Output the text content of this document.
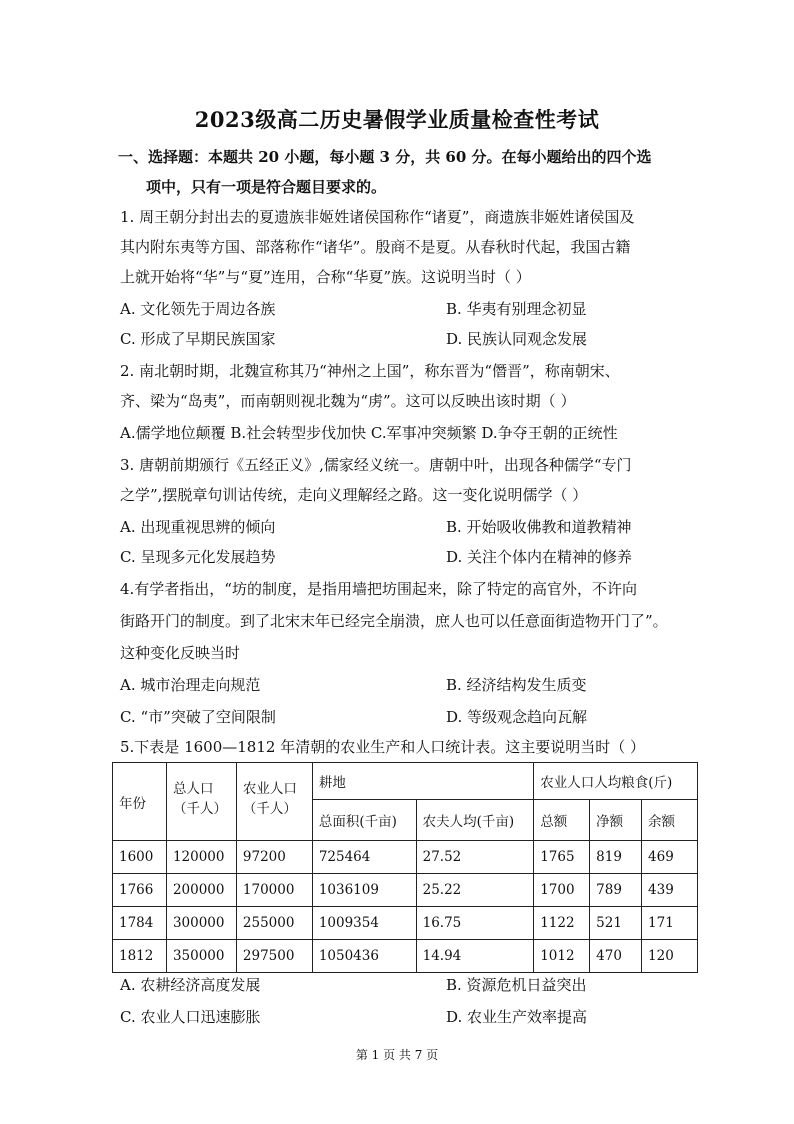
2023级高二历史暑假学业质量检查性考试
一、选择题：本题共 20 小题，每小题 3 分，共 60 分。在每小题给出的四个选
项中，只有一项是符合题目要求的。
1. 周王朝分封出去的夏遗族非姬姓诸侯国称作“诸夏”，商遗族非姬姓诸侯国及
其内附东夷等方国、部落称作“诸华”。殷商不是夏。从春秋时代起，我国古籍
上就开始将“华”与“夏”连用，合称“华夏”族。这说明当时（ ）
A. 文化领先于周边各族	B. 华夷有别理念初显
C. 形成了早期民族国家	D. 民族认同观念发展
2. 南北朝时期，北魏宣称其乃“神州之上国”，称东晋为“僭晋”，称南朝宋、
齐、梁为“岛夷”，而南朝则视北魏为“虏”。这可以反映出该时期（ ）
A.儒学地位颠覆 B.社会转型步伐加快 C.军事冲突频繁 D.争夺王朝的正统性
3. 唐朝前期颁行《五经正义》,儒家经义统一。唐朝中叶，出现各种儒学“专门
之学”,摆脱章句训诂传统，走向义理解经之路。这一变化说明儒学（ ）
A. 出现重视思辨的倾向	B. 开始吸收佛教和道教精神
C. 呈现多元化发展趋势	D. 关注个体内在精神的修养
4.有学者指出，“坊的制度，是指用墙把坊围起来，除了特定的高官外，不许向
街路开门的制度。到了北宋末年已经完全崩溃，庶人也可以任意面街造物开门了”。
这种变化反映当时
A. 城市治理走向规范	B. 经济结构发生质变
C. “市”突破了空间限制	D. 等级观念趋向瓦解
5.下表是 1600—1812 年清朝的农业生产和人口统计表。这主要说明当时（ ）
年份	总人口（千人）	农业人口（千人）	耕地		农业人口人均粮食(斤)		
			总面积(千亩)	农夫人均(千亩)	总额	净额	余额
1600	120000	97200	725464	27.52	1765	819	469
1766	200000	170000	1036109	25.22	1700	789	439
1784	300000	255000	1009354	16.75	1122	521	171
1812	350000	297500	1050436	14.94	1012	470	120
A. 农耕经济高度发展	B. 资源危机日益突出
C. 农业人口迅速膨胀	D. 农业生产效率提高
第 1 页 共 7 页
